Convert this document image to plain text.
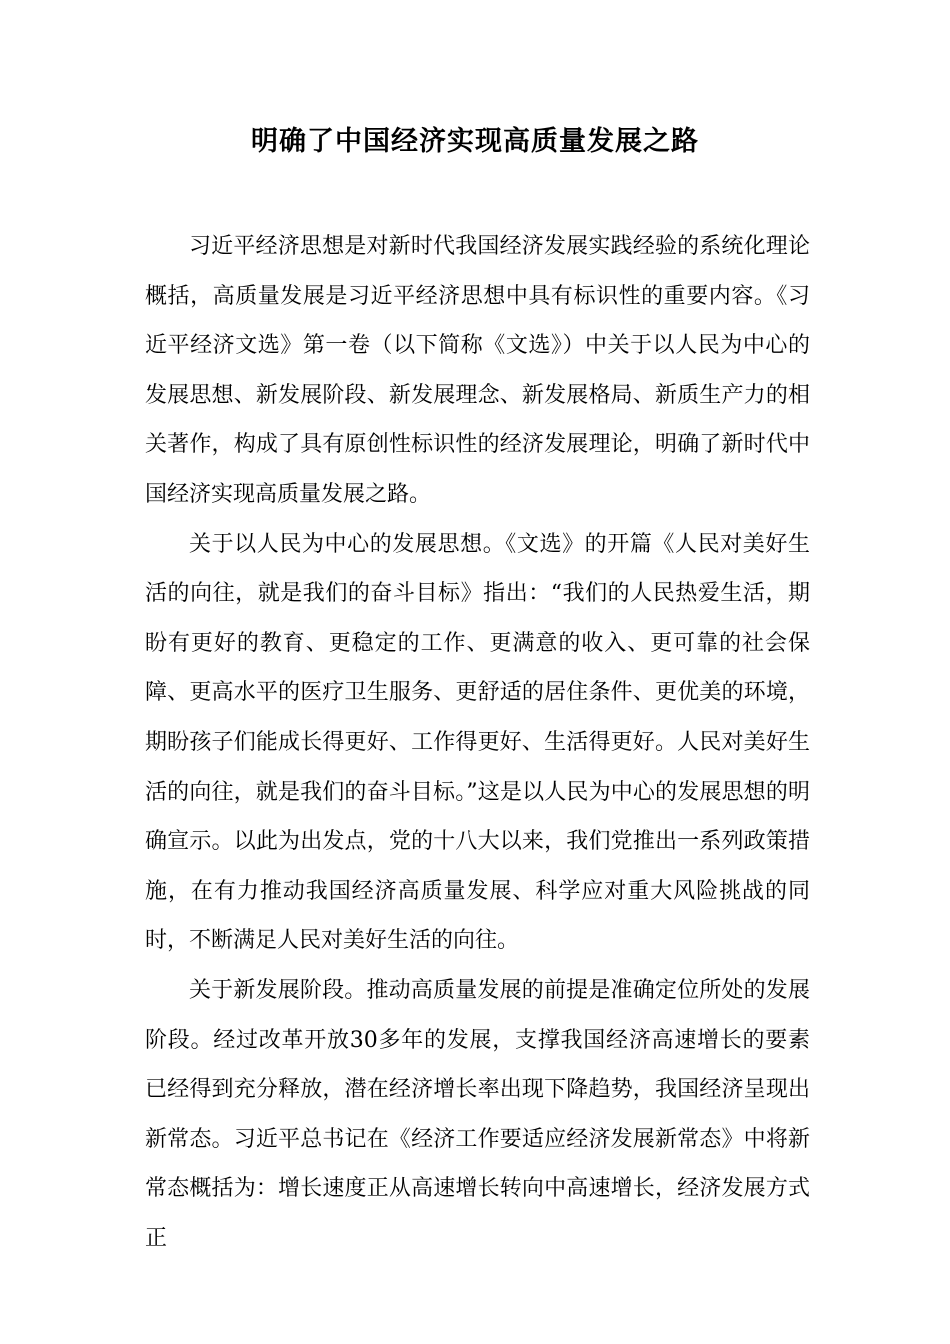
明确了中国经济实现高质量发展之路

习近平经济思想是对新时代我国经济发展实践经验的系统化理论概括，高质量发展是习近平经济思想中具有标识性的重要内容。《习近平经济文选》第一卷（以下简称《文选》）中关于以人民为中心的发展思想、新发展阶段、新发展理念、新发展格局、新质生产力的相关著作，构成了具有原创性标识性的经济发展理论，明确了新时代中国经济实现高质量发展之路。

关于以人民为中心的发展思想。《文选》的开篇《人民对美好生活的向往，就是我们的奋斗目标》指出：“我们的人民热爱生活，期盼有更好的教育、更稳定的工作、更满意的收入、更可靠的社会保障、更高水平的医疗卫生服务、更舒适的居住条件、更优美的环境，期盼孩子们能成长得更好、工作得更好、生活得更好。人民对美好生活的向往，就是我们的奋斗目标。”这是以人民为中心的发展思想的明确宣示。以此为出发点，党的十八大以来，我们党推出一系列政策措施，在有力推动我国经济高质量发展、科学应对重大风险挑战的同时，不断满足人民对美好生活的向往。

关于新发展阶段。推动高质量发展的前提是准确定位所处的发展阶段。经过改革开放30多年的发展，支撑我国经济高速增长的要素已经得到充分释放，潜在经济增长率出现下降趋势，我国经济呈现出新常态。习近平总书记在《经济工作要适应经济发展新常态》中将新常态概括为：增长速度正从高速增长转向中高速增长，经济发展方式正
